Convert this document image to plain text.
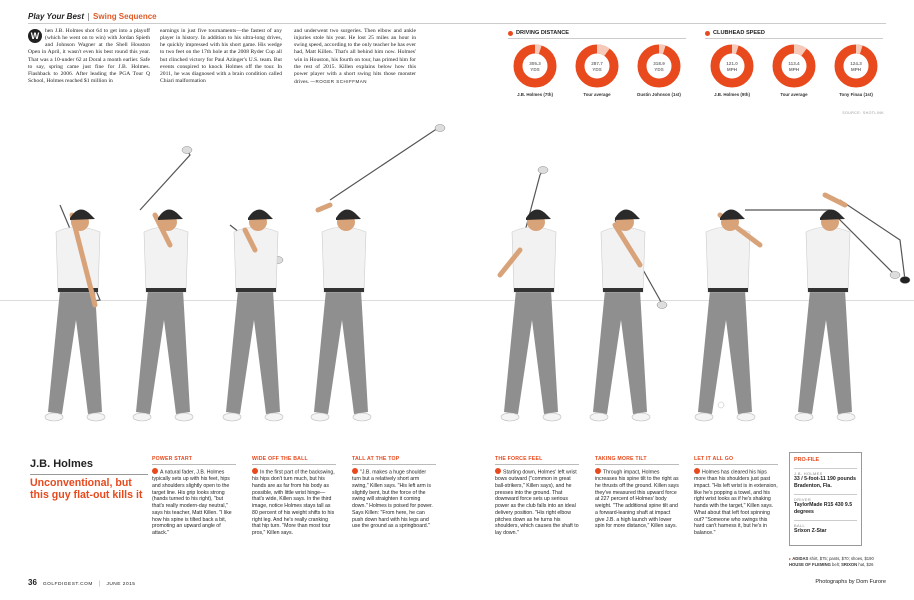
Play Your Best Swing Sequence
W	hen J.B. Holmes shot 64 to get into a playoff (which he went on to win) with Jordan Spieth and Johnson Wagner at the Shell Houston Open in April, it wasn't even his best round this year. That was a 10-under 62 at Doral a month earlier. Safe to say, spring came just fine for J.B. Holmes. Flashback to 2006. After leading the PGA Tour Q School, Holmes reached $1 million in

earnings in just five tournaments—the fastest of any player in history. In addition to his ultra-long drives, he quickly impressed with his short game. His wedge to two feet on the 17th hole at the 2008 Ryder Cup all but clinched victory for Paul Azinger's U.S. team. But events conspired to knock Holmes off the tour. In 2011, he was diagnosed with a brain condition called Chiari malformation

and underwent two surgeries. Then elbow and ankle injuries stole his year. He lost 25 miles an hour in swing speed, according to the only teacher he has ever had, Matt Killen. That's all behind him now. Holmes' win in Houston, his fourth on tour, has primed him for the rest of 2015. Killen explains below how this power player with a short swing hits those monster drives. —ROGER SCHIFFMAN

DRIVING DISTANCE
305.3
YDS
J.B. Holmes (7th)
287.7
YDS
Tour average
318.9
YDS
Dustin Johnson (1st)
CLUBHEAD SPEED
121.0
MPH
J.B. Holmes (9th)
113.4
MPH
Tour average
124.3
MPH
Tony Finau (1st)
SOURCE: SHOTLINK
J.B. Holmes
Unconventional, but this guy flat-out kills it
POWER START
A natural fader, J.B. Holmes typically sets up with his feet, hips and shoulders slightly open to the target line. His grip looks strong (hands turned to his right), "but that's really modern-day neutral," says his teacher, Matt Killen. "I like how his spine is tilted back a bit, promoting an upward angle of attack."
WIDE OFF THE BALL
In the first part of the backswing, his hips don't turn much, but his hands are as far from his body as possible, with little wrist hinge—that's wide, Killen says. In the third image, notice Holmes stays tall as 80 percent of his weight shifts to his right leg. And he's really cranking that hip turn. "More than most tour pros," Killen says.
TALL AT THE TOP
"J.B. makes a huge shoulder turn but a relatively short arm swing," Killen says. "His left arm is slightly bent, but the force of the swing will straighten it coming down." Holmes is poised for power. Says Killen: "From here, he can push down hard with his legs and use the ground as a springboard."
THE FORCE FEEL
Starting down, Holmes' left wrist bows outward ("common in great ball-strikers," Killen says), and he presses into the ground. That downward force sets up serious power as the club falls into an ideal delivery position. "His right elbow pitches down as he turns his shoulders, which causes the shaft to lay down."
TAKING MORE TILT
Through impact, Holmes increases his spine tilt to the right as he thrusts off the ground. Killen says they've measured this upward force at 227 percent of Holmes' body weight. "The additional spine tilt and a forward-leaning shaft at impact give J.B. a high launch with lower spin for more distance," Killen says.
LET IT ALL GO
Holmes has cleared his hips more than his shoulders just past impact. "His left wrist is in extension, like he's popping a towel, and his right wrist looks as if he's shaking hands with the target," Killen says. What about that left foot spinning out? "Someone who swings this hard can't harness it, but he's in balance."
PRO-FILE
J.B. HOLMES
33 / 5-foot-11 190 pounds Bradenton, Fla.
DRIVER
TaylorMade R15 430 9.5 degrees
BALL
Srixon Z-Star
▸ ADIDAS shirt, $75; pants, $70; shoes, $190
HOUSE OF FLEMING belt; SRIXON hat, $26
36 GOLFDIGEST.COM | JUNE 2015	Photographs by Dom Furore
